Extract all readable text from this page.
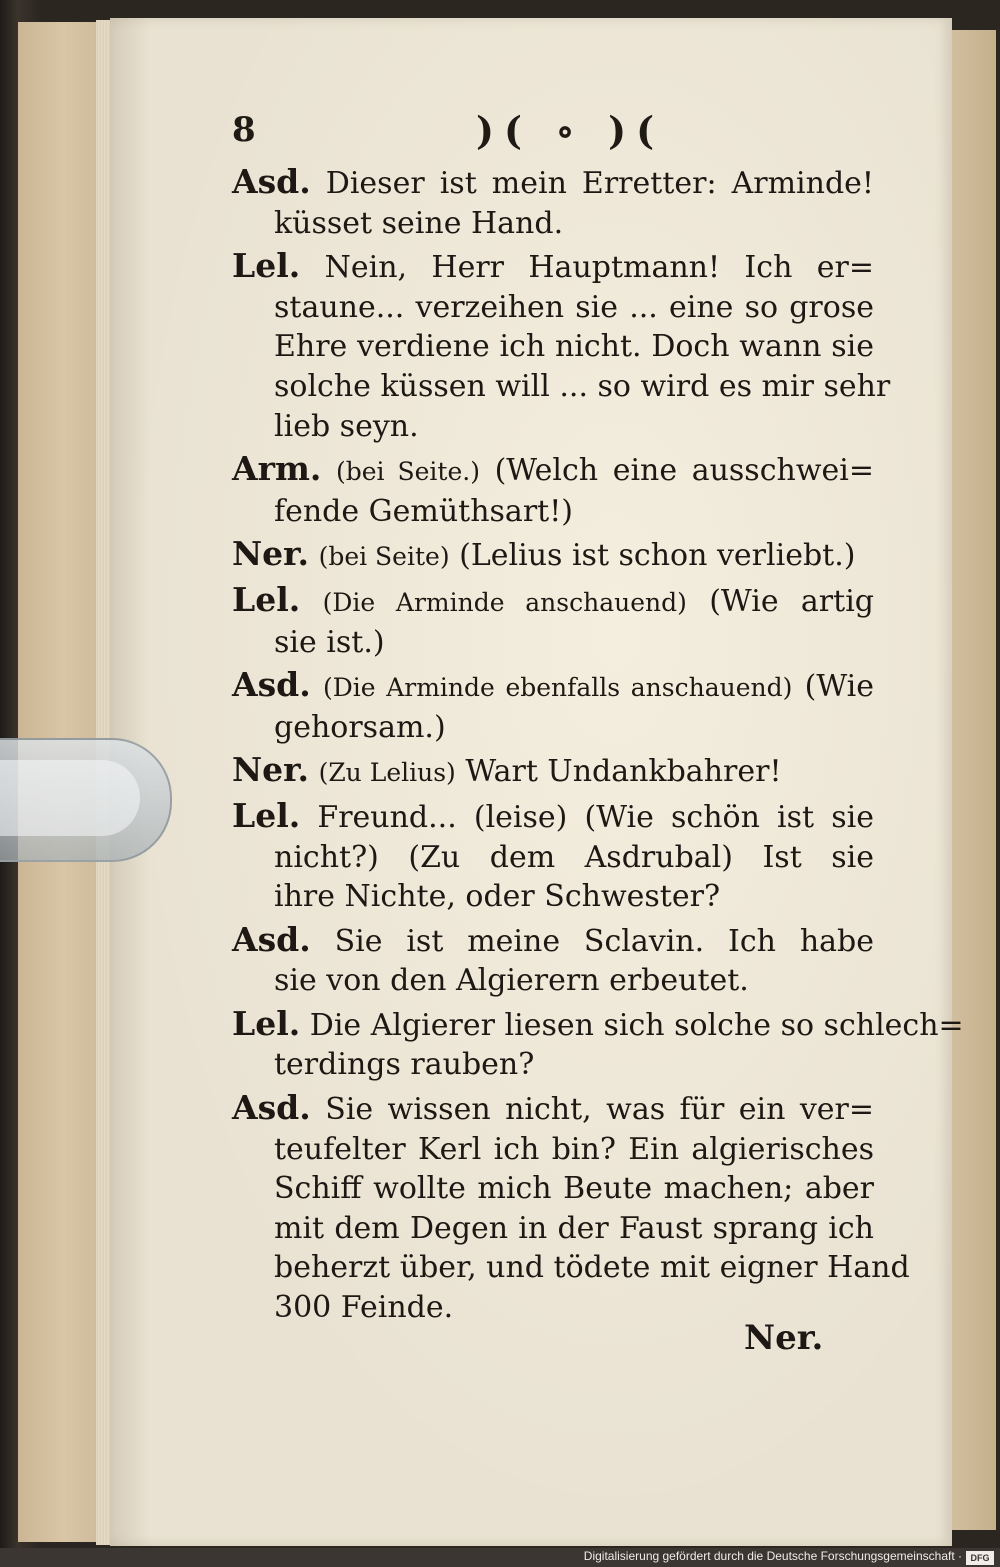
8	)( ∘ )(
Asd. Dieser ist mein Erretter: Arminde!
küsset seine Hand.
Lel. Nein, Herr Hauptmann! Ich er=
staune... verzeihen sie ... eine so grose
Ehre verdiene ich nicht. Doch wann sie
solche küssen will ... so wird es mir sehr
lieb seyn.
Arm. (bei Seite.) (Welch eine ausschwei=
fende Gemüthsart!)
Ner. (bei Seite) (Lelius ist schon verliebt.)
Lel. (Die Arminde anschauend) (Wie artig
sie ist.)
Asd. (Die Arminde ebenfalls anschauend) (Wie
gehorsam.)
Ner. (Zu Lelius) Wart Undankbahrer!
Lel. Freund... (leise) (Wie schön ist sie
nicht?) (Zu dem Asdrubal) Ist sie
ihre Nichte, oder Schwester?
Asd. Sie ist meine Sclavin. Ich habe
sie von den Algierern erbeutet.
Lel. Die Algierer liesen sich solche so schlech=
terdings rauben?
Asd. Sie wissen nicht, was für ein ver=
teufelter Kerl ich bin? Ein algierisches
Schiff wollte mich Beute machen; aber
mit dem Degen in der Faust sprang ich
beherzt über, und tödete mit eigner Hand
300 Feinde.
Ner.
Digitalisierung gefördert durch die Deutsche Forschungsgemeinschaft · DFG
